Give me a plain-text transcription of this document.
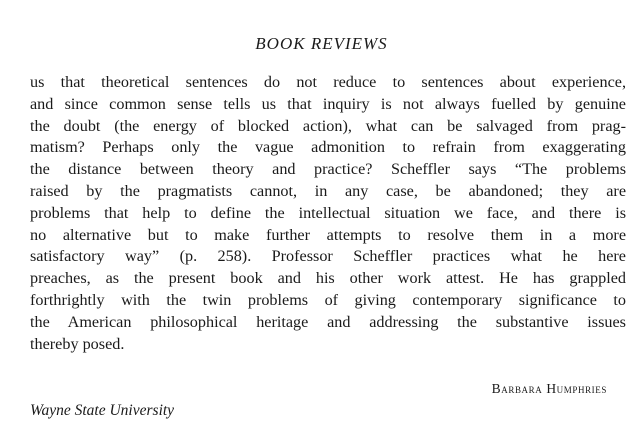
BOOK REVIEWS
us that theoretical sentences do not reduce to sentences about experience,
and since common sense tells us that inquiry is not always fuelled by genuine
the doubt (the energy of blocked action), what can be salvaged from prag-
matism? Perhaps only the vague admonition to refrain from exaggerating
the distance between theory and practice? Scheffler says “The problems
raised by the pragmatists cannot, in any case, be abandoned; they are
problems that help to define the intellectual situation we face, and there is
no alternative but to make further attempts to resolve them in a more
satisfactory way” (p. 258). Professor Scheffler practices what he here
preaches, as the present book and his other work attest. He has grappled
forthrightly with the twin problems of giving contemporary significance to
the American philosophical heritage and addressing the substantive issues
thereby posed.
Barbara Humphries
Wayne State University
